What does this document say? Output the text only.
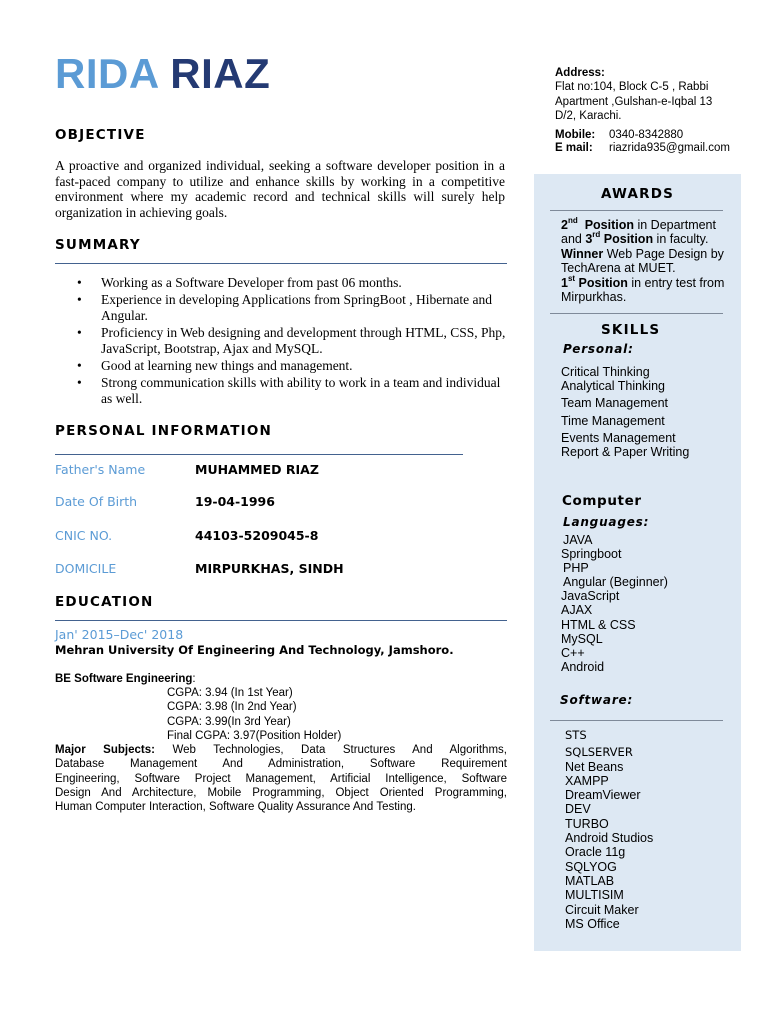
RIDA RIAZ	Address:
Flat no:104, Block C-5 , Rabbi
Apartment ,Gulshan-e-Iqbal 13
D/2, Karachi.
Mobile: 0340-8342880
E mail: riazrida935@gmail.com
OBJECTIVE
A proactive and organized individual, seeking a software developer position in a fast-paced company to utilize and enhance skills by working in a competitive environment where my academic record and technical skills will surely help organization in achieving goals.
SUMMARY
• Working as a Software Developer from past 06 months.
• Experience in developing Applications from SpringBoot , Hibernate and Angular.
• Proficiency in Web designing and development through HTML, CSS, Php, JavaScript, Bootstrap, Ajax and MySQL.
• Good at learning new things and management.
• Strong communication skills with ability to work in a team and individual as well.
PERSONAL INFORMATION
Father's Name	MUHAMMED RIAZ
Date Of Birth	19-04-1996
CNIC NO.	44103-5209045-8
DOMICILE	MIRPURKHAS, SINDH
EDUCATION
Jan' 2015–Dec' 2018
Mehran University Of Engineering And Technology, Jamshoro.
BE Software Engineering:
CGPA: 3.94 (In 1st Year)
CGPA: 3.98 (In 2nd Year)
CGPA: 3.99(In 3rd Year)
Final CGPA: 3.97(Position Holder)
Major Subjects: Web Technologies, Data Structures And Algorithms,
Database Management And Administration, Software Requirement
Engineering, Software Project Management, Artificial Intelligence, Software
Design And Architecture, Mobile Programming, Object Oriented Programming,
Human Computer Interaction, Software Quality Assurance And Testing.
AWARDS
2nd Position in Department
and 3rd Position in faculty.
Winner Web Page Design by
TechArena at MUET.
1st Position in entry test from
Mirpurkhas.
SKILLS
Personal:
Critical Thinking
Analytical Thinking
Team Management
Time Management
Events Management
Report & Paper Writing
Computer
Languages:
JAVA
Springboot
PHP
Angular (Beginner)
JavaScript
AJAX
HTML & CSS
MySQL
C++
Android
Software:
STS
SQLSERVER
Net Beans
XAMPP
DreamViewer
DEV
TURBO
Android Studios
Oracle 11g
SQLYOG
MATLAB
MULTISIM
Circuit Maker
MS Office
